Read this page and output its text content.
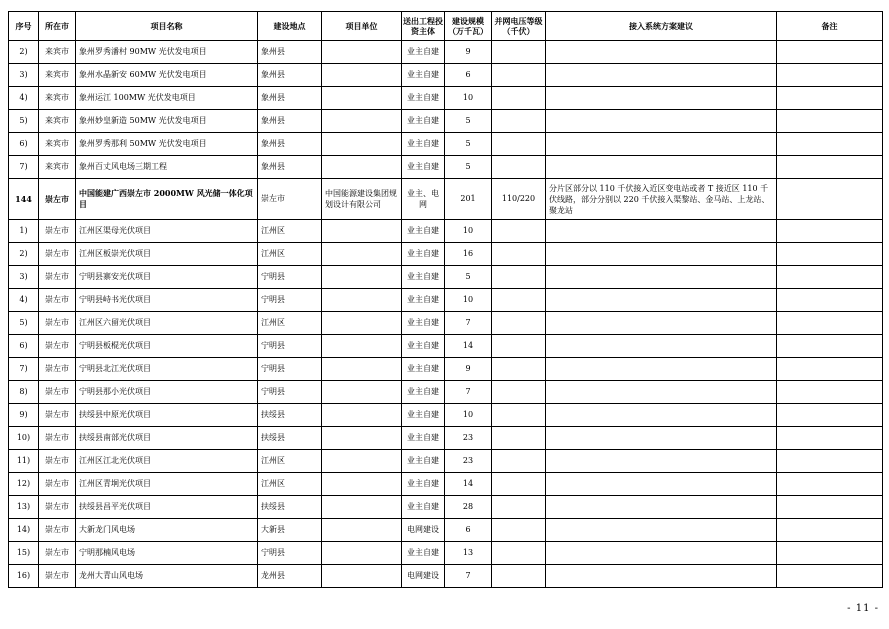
序号	所在市	项目名称	建设地点	项目单位	送出工程投资主体	建设规模（万千瓦）	并网电压等级（千伏）	接入系统方案建议	备注
2)	来宾市	象州罗秀潘村 90MW 光伏发电项目	象州县		业主自建	9			
3)	来宾市	象州水晶新安 60MW 光伏发电项目	象州县		业主自建	6			
4)	来宾市	象州运江 100MW 光伏发电项目	象州县		业主自建	10			
5)	来宾市	象州妙皇新造 50MW 光伏发电项目	象州县		业主自建	5			
6)	来宾市	象州罗秀那利 50MW 光伏发电项目	象州县		业主自建	5			
7)	来宾市	象州百丈风电场三期工程	象州县		业主自建	5			
144	崇左市	中国能建广西崇左市 2000MW 风光储一体化项目	崇左市	中国能源建设集团规划设计有限公司	业主、电网	201	110/220	分片区部分以 110 千伏接入近区变电站或者 T 接近区 110 千伏线路，部分分别以 220 千伏接入渠黎站、金马站、上龙站、聚龙站	
1)	崇左市	江州区渠母光伏项目	江州区		业主自建	10			
2)	崇左市	江州区板崇光伏项目	江州区		业主自建	16			
3)	崇左市	宁明县寨安光伏项目	宁明县		业主自建	5			
4)	崇左市	宁明县峙书光伏项目	宁明县		业主自建	10			
5)	崇左市	江州区六留光伏项目	江州区		业主自建	7			
6)	崇左市	宁明县板棍光伏项目	宁明县		业主自建	14			
7)	崇左市	宁明县北江光伏项目	宁明县		业主自建	9			
8)	崇左市	宁明县那小光伏项目	宁明县		业主自建	7			
9)	崇左市	扶绥县中原光伏项目	扶绥县		业主自建	10			
10)	崇左市	扶绥县南部光伏项目	扶绥县		业主自建	23			
11)	崇左市	江州区江北光伏项目	江州区		业主自建	23			
12)	崇左市	江州区青坰光伏项目	江州区		业主自建	14			
13)	崇左市	扶绥县昌平光伏项目	扶绥县		业主自建	28			
14)	崇左市	大新龙门风电场	大新县		电网建设	6			
15)	崇左市	宁明那楠风电场	宁明县		业主自建	13			
16)	崇左市	龙州大青山风电场	龙州县		电网建设	7			
- 11 -
